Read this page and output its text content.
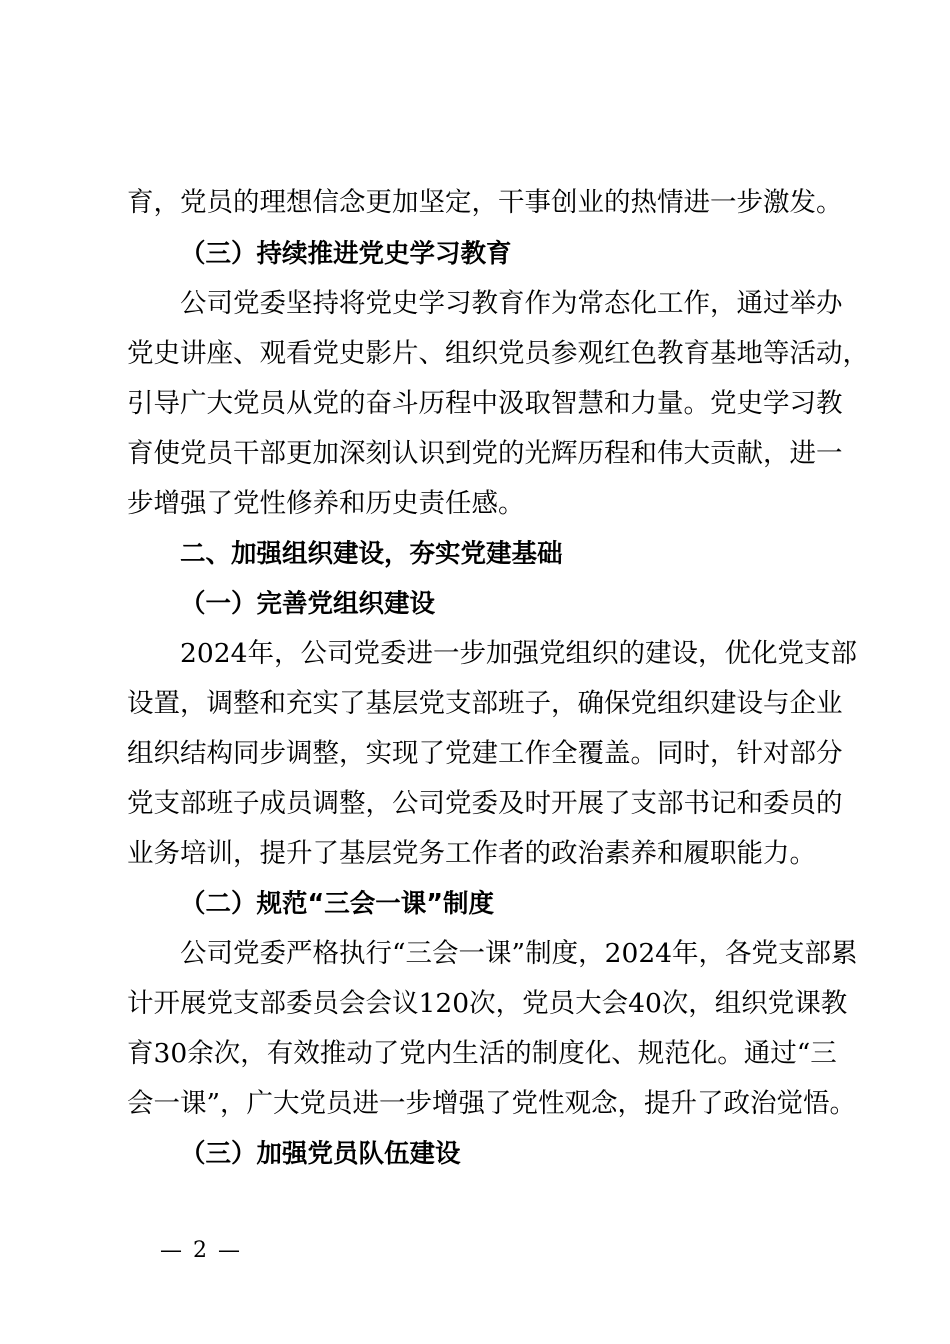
育，党员的理想信念更加坚定，干事创业的热情进一步激发。
（三）持续推进党史学习教育
公司党委坚持将党史学习教育作为常态化工作，通过举办
党史讲座、观看党史影片、组织党员参观红色教育基地等活动，
引导广大党员从党的奋斗历程中汲取智慧和力量。党史学习教
育使党员干部更加深刻认识到党的光辉历程和伟大贡献，进一
步增强了党性修养和历史责任感。
二、加强组织建设，夯实党建基础
（一）完善党组织建设
2024年，公司党委进一步加强党组织的建设，优化党支部
设置，调整和充实了基层党支部班子，确保党组织建设与企业
组织结构同步调整，实现了党建工作全覆盖。同时，针对部分
党支部班子成员调整，公司党委及时开展了支部书记和委员的
业务培训，提升了基层党务工作者的政治素养和履职能力。
（二）规范“三会一课”制度
公司党委严格执行“三会一课”制度，2024年，各党支部累
计开展党支部委员会会议120次，党员大会40次，组织党课教
育30余次，有效推动了党内生活的制度化、规范化。通过“三
会一课”，广大党员进一步增强了党性观念，提升了政治觉悟。
（三）加强党员队伍建设
— 2 —
